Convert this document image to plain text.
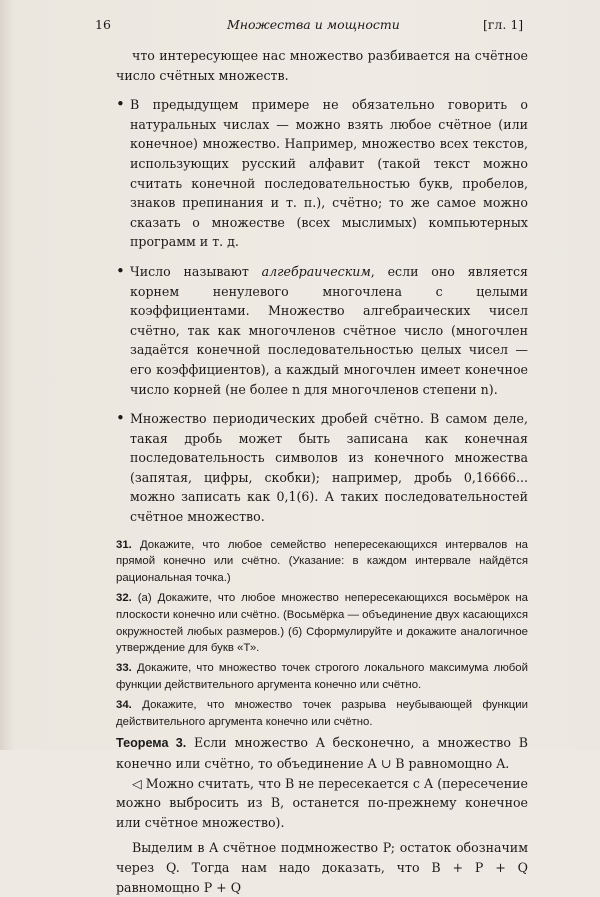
16	Множества и мощности	[гл. 1]

что интересующее нас множество разбивается на счётное число счётных множеств.

• В предыдущем примере не обязательно говорить о натуральных числах — можно взять любое счётное (или конечное) множество. Например, множество всех текстов, использующих русский алфавит (такой текст можно считать конечной последовательностью букв, пробелов, знаков препинания и т. п.), счётно; то же самое можно сказать о множестве (всех мыслимых) компьютерных программ и т. д.
• Число называют алгебраическим, если оно является корнем ненулевого многочлена с целыми коэффициентами. Множество алгебраических чисел счётно, так как многочленов счётное число (многочлен задаётся конечной последовательностью целых чисел — его коэффициентов), а каждый многочлен имеет конечное число корней (не более n для многочленов степени n).
• Множество периодических дробей счётно. В самом деле, такая дробь может быть записана как конечная последовательность символов из конечного множества (запятая, цифры, скобки); например, дробь 0,16666... можно записать как 0,1(6). А таких последовательностей счётное множество.

31. Докажите, что любое семейство непересекающихся интервалов на прямой конечно или счётно. (Указание: в каждом интервале найдётся рациональная точка.)

32. (а) Докажите, что любое множество непересекающихся восьмёрок на плоскости конечно или счётно. (Восьмёрка — объединение двух касающихся окружностей любых размеров.) (б) Сформулируйте и докажите аналогичное утверждение для букв «Т».

33. Докажите, что множество точек строгого локального максимума любой функции действительного аргумента конечно или счётно.

34. Докажите, что множество точек разрыва неубывающей функции действительного аргумента конечно или счётно.

Теорема 3. Если множество A бесконечно, а множество B конечно или счётно, то объединение A ∪ B равномощно A.

◁ Можно считать, что B не пересекается с A (пересечение можно выбросить из B, останется по-прежнему конечное или счётное множество).

Выделим в A счётное подмножество P; остаток обозначим через Q. Тогда нам надо доказать, что B + P + Q равномощно P + Q
